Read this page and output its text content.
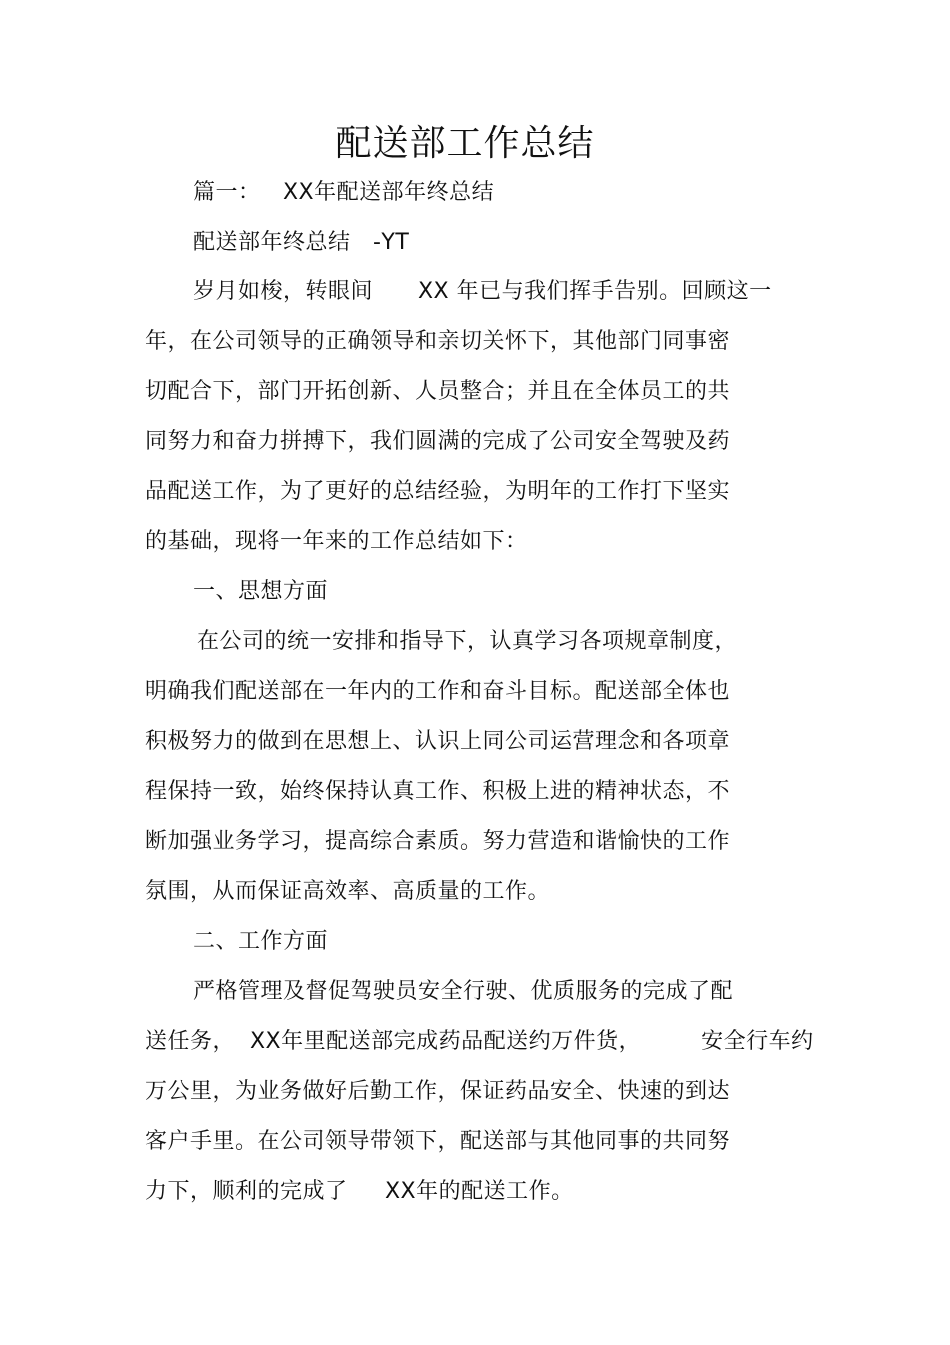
配送部工作总结
篇一：   XX年配送部年终总结
配送部年终总结   -YT
岁月如梭，转眼间      XX 年已与我们挥手告别。回顾这一
年，在公司领导的正确领导和亲切关怀下，其他部门同事密
切配合下，部门开拓创新、人员整合；并且在全体员工的共
同努力和奋力拼搏下，我们圆满的完成了公司安全驾驶及药
品配送工作，为了更好的总结经验，为明年的工作打下坚实
的基础，现将一年来的工作总结如下：
一、思想方面
在公司的统一安排和指导下，认真学习各项规章制度，
明确我们配送部在一年内的工作和奋斗目标。配送部全体也
积极努力的做到在思想上、认识上同公司运营理念和各项章
程保持一致，始终保持认真工作、积极上进的精神状态，不
断加强业务学习，提高综合素质。努力营造和谐愉快的工作
氛围，从而保证高效率、高质量的工作。
二、工作方面
严格管理及督促驾驶员安全行驶、优质服务的完成了配
送任务，  XX年里配送部完成药品配送约万件货，        安全行车约
万公里，为业务做好后勤工作，保证药品安全、快速的到达
客户手里。在公司领导带领下，配送部与其他同事的共同努
力下，顺利的完成了     XX年的配送工作。
